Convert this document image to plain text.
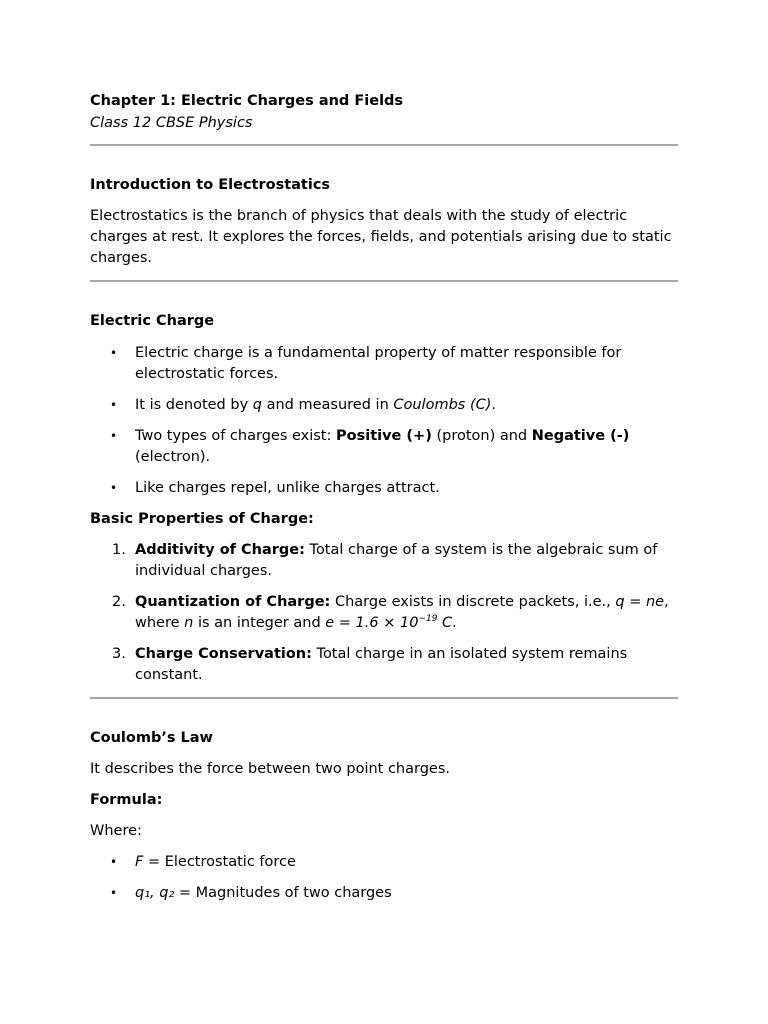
Chapter 1: Electric Charges and Fields
Class 12 CBSE Physics
Introduction to Electrostatics

Electrostatics is the branch of physics that deals with the study of electric charges at rest. It explores the forces, fields, and potentials arising due to static charges.

Electric Charge
• Electric charge is a fundamental property of matter responsible for electrostatic forces.
• It is denoted by q and measured in Coulombs (C).
• Two types of charges exist: Positive (+) (proton) and Negative (-) (electron).
• Like charges repel, unlike charges attract.

Basic Properties of Charge:

1. Additivity of Charge: Total charge of a system is the algebraic sum of individual charges.
2. Quantization of Charge: Charge exists in discrete packets, i.e., q = ne, where n is an integer and $e = 1.6 \times 10^{-19}$ C.
3. Charge Conservation: Total charge in an isolated system remains constant.
Coulomb’s Law

It describes the force between two point charges.

Formula:

Where:

• F = Electrostatic force
• q₁, q₂ = Magnitudes of two charges
